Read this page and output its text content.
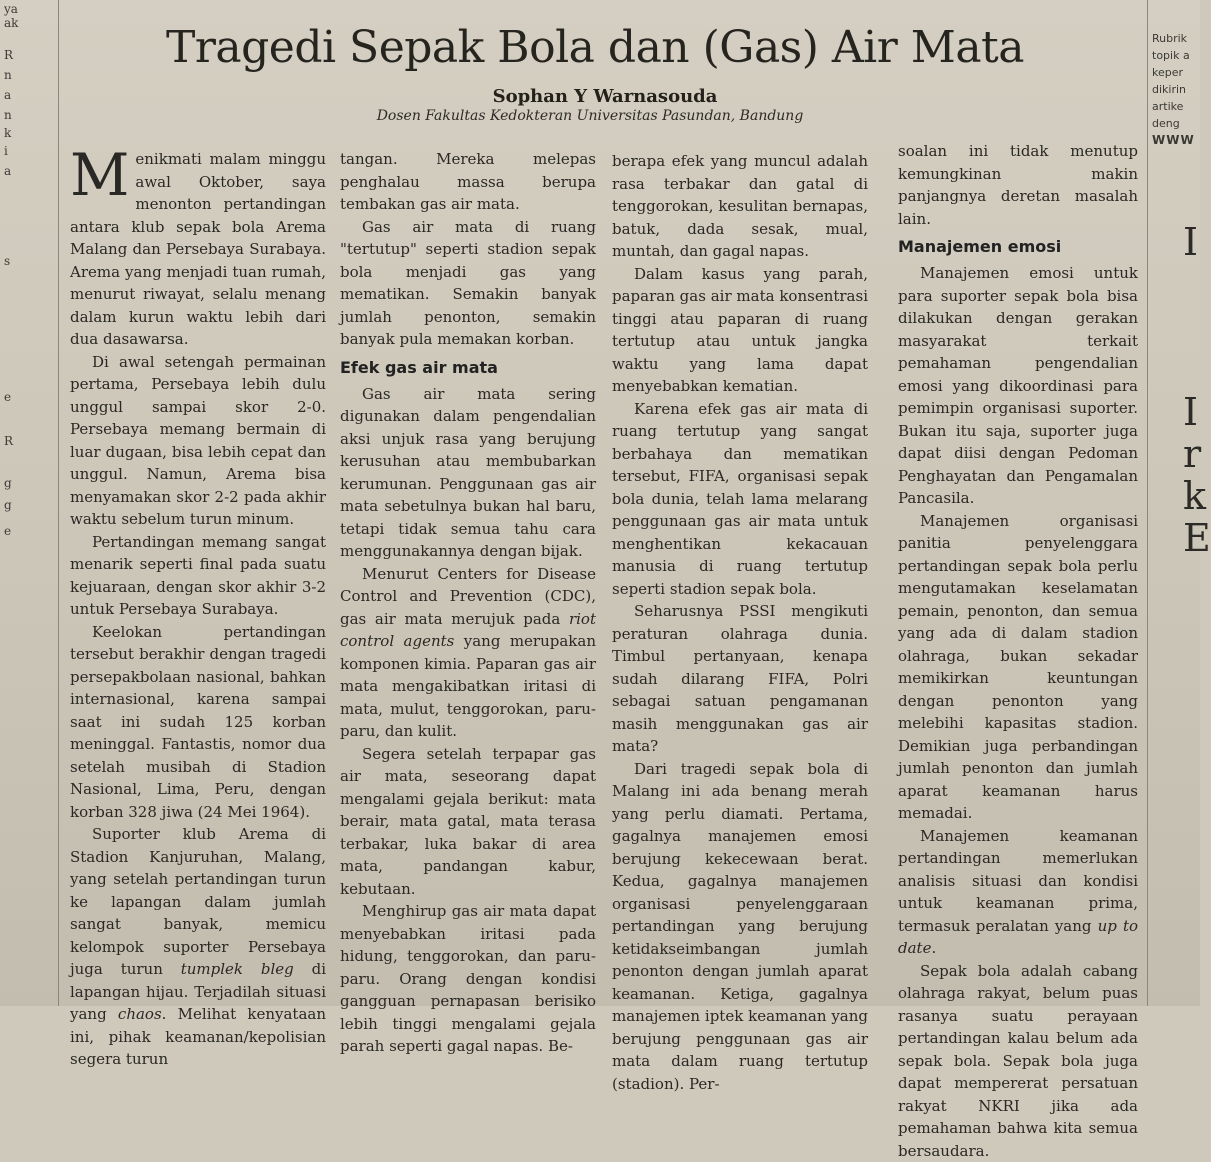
ya
ak
R
n
a
n
k
i
a
s
e
R
g
g
e
Rubrik
topik a
keper
dikirin
artike
deng
WWW
I
I
r
k
E
Tragedi Sepak Bola dan (Gas) Air Mata
Sophan Y Warnasouda
Dosen Fakultas Kedokteran Universitas Pasundan, Bandung

Menikmati malam minggu awal Oktober, saya menonton pertandingan antara klub sepak bola Arema Malang dan Persebaya Surabaya. Arema yang menjadi tuan rumah, menurut riwayat, selalu menang dalam kurun waktu lebih dari dua dasawarsa.

Di awal setengah permainan pertama, Persebaya lebih dulu unggul sampai skor 2-0. Persebaya memang bermain di luar dugaan, bisa lebih cepat dan unggul. Namun, Arema bisa menyamakan skor 2-2 pada akhir waktu sebelum turun minum.

Pertandingan memang sangat menarik seperti final pada suatu kejuaraan, dengan skor akhir 3-2 untuk Persebaya Surabaya.

Keelokan pertandingan tersebut berakhir dengan tragedi persepakbolaan nasional, bahkan internasional, karena sampai saat ini sudah 125 korban meninggal. Fantastis, nomor dua setelah musibah di Stadion Nasional, Lima, Peru, dengan korban 328 jiwa (24 Mei 1964).

Suporter klub Arema di Stadion Kanjuruhan, Malang, yang setelah pertandingan turun ke lapangan dalam jumlah sangat banyak, memicu kelompok suporter Persebaya juga turun tumplek bleg di lapangan hijau. Terjadilah situasi yang chaos. Melihat kenyataan ini, pihak keamanan/kepolisian segera turun

tangan. Mereka melepas penghalau massa berupa tembakan gas air mata.

Gas air mata di ruang "tertutup" seperti stadion sepak bola menjadi gas yang mematikan. Semakin banyak jumlah penonton, semakin banyak pula memakan korban.

Efek gas air mata

Gas air mata sering digunakan dalam pengendalian aksi unjuk rasa yang berujung kerusuhan atau membubarkan kerumunan. Penggunaan gas air mata sebetulnya bukan hal baru, tetapi tidak semua tahu cara menggunakannya dengan bijak.

Menurut Centers for Disease Control and Prevention (CDC), gas air mata merujuk pada riot control agents yang merupakan komponen kimia. Paparan gas air mata mengakibatkan iritasi di mata, mulut, tenggorokan, paru-paru, dan kulit.

Segera setelah terpapar gas air mata, seseorang dapat mengalami gejala berikut: mata berair, mata gatal, mata terasa terbakar, luka bakar di area mata, pandangan kabur, kebutaan.

Menghirup gas air mata dapat menyebabkan iritasi pada hidung, tenggorokan, dan paru-paru. Orang dengan kondisi gangguan pernapasan berisiko lebih tinggi mengalami gejala parah seperti gagal napas. Be-

berapa efek yang muncul adalah rasa terbakar dan gatal di tenggorokan, kesulitan bernapas, batuk, dada sesak, mual, muntah, dan gagal napas.

Dalam kasus yang parah, paparan gas air mata konsentrasi tinggi atau paparan di ruang tertutup atau untuk jangka waktu yang lama dapat menyebabkan kematian.

Karena efek gas air mata di ruang tertutup yang sangat berbahaya dan mematikan tersebut, FIFA, organisasi sepak bola dunia, telah lama melarang penggunaan gas air mata untuk menghentikan kekacauan manusia di ruang tertutup seperti stadion sepak bola.

Seharusnya PSSI mengikuti peraturan olahraga dunia. Timbul pertanyaan, kenapa sudah dilarang FIFA, Polri sebagai satuan pengamanan masih menggunakan gas air mata?

Dari tragedi sepak bola di Malang ini ada benang merah yang perlu diamati. Pertama, gagalnya manajemen emosi berujung kekecewaan berat. Kedua, gagalnya manajemen organisasi penyelenggaraan pertandingan yang berujung ketidakseimbangan jumlah penonton dengan jumlah aparat keamanan. Ketiga, gagalnya manajemen iptek keamanan yang berujung penggunaan gas air mata dalam ruang tertutup (stadion). Per-

soalan ini tidak menutup kemungkinan makin panjangnya deretan masalah lain.

Manajemen emosi

Manajemen emosi untuk para suporter sepak bola bisa dilakukan dengan gerakan masyarakat terkait pemahaman pengendalian emosi yang dikoordinasi para pemimpin organisasi suporter. Bukan itu saja, suporter juga dapat diisi dengan Pedoman Penghayatan dan Pengamalan Pancasila.

Manajemen organisasi panitia penyelenggara pertandingan sepak bola perlu mengutamakan keselamatan pemain, penonton, dan semua yang ada di dalam stadion olahraga, bukan sekadar memikirkan keuntungan dengan penonton yang melebihi kapasitas stadion. Demikian juga perbandingan jumlah penonton dan jumlah aparat keamanan harus memadai.

Manajemen keamanan pertandingan memerlukan analisis situasi dan kondisi untuk keamanan prima, termasuk peralatan yang up to date.

Sepak bola adalah cabang olahraga rakyat, belum puas rasanya suatu perayaan pertandingan kalau belum ada sepak bola. Sepak bola juga dapat mempererat persatuan rakyat NKRI jika ada pemahaman bahwa kita semua bersaudara.
